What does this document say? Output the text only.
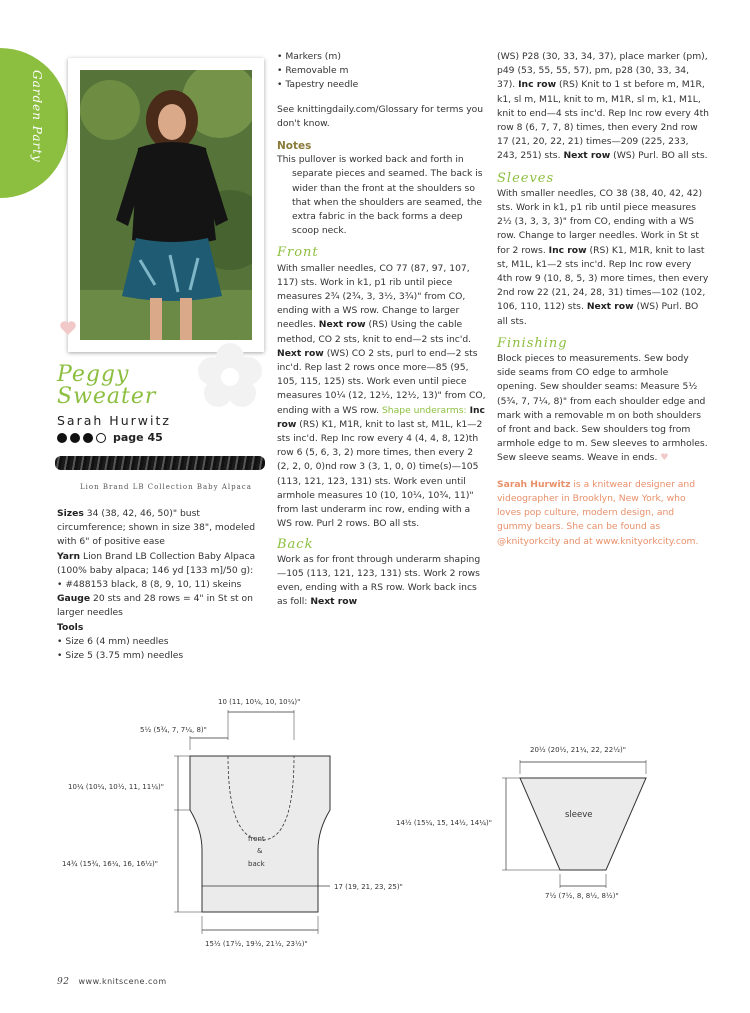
Garden Party
Peggy
Sweater
Sarah Hurwitz
page 45
Lion Brand LB Collection Baby Alpaca

Sizes 34 (38, 42, 46, 50)" bust circumference; shown in size 38", modeled with 6" of positive ease

Yarn Lion Brand LB Collection Baby Alpaca (100% baby alpaca; 146 yd [133 m]/50 g):

• #488153 black, 8 (8, 9, 10, 11) skeins

Gauge 20 sts and 28 rows = 4" in St st on larger needles

Tools

• Size 6 (4 mm) needles

• Size 5 (3.75 mm) needles

• Markers (m)

• Removable m

• Tapestry needle

See knittingdaily.com/Glossary for terms you don't know.

Notes

This pullover is worked back and forth in separate pieces and seamed. The back is wider than the front at the shoulders so that when the shoulders are seamed, the extra fabric in the back forms a deep scoop neck.

Front

With smaller needles, CO 77 (87, 97, 107, 117) sts. Work in k1, p1 rib until piece measures 2¾ (2¾, 3, 3½, 3¾)" from CO, ending with a WS row. Change to larger needles. Next row (RS) Using the cable method, CO 2 sts, knit to end—2 sts inc'd. Next row (WS) CO 2 sts, purl to end—2 sts inc'd. Rep last 2 rows once more—85 (95, 105, 115, 125) sts. Work even until piece measures 10¼ (12, 12½, 12½, 13)" from CO, ending with a WS row. Shape underarms: Inc row (RS) K1, M1R, knit to last st, M1L, k1—2 sts inc'd. Rep Inc row every 4 (4, 4, 8, 12)th row 6 (5, 6, 3, 2) more times, then every 2 (2, 2, 0, 0)nd row 3 (3, 1, 0, 0) time(s)—105 (113, 121, 123, 131) sts. Work even until armhole measures 10 (10, 10¼, 10¾, 11)" from last underarm inc row, ending with a WS row. Purl 2 rows. BO all sts.

Back

Work as for front through underarm shaping—105 (113, 121, 123, 131) sts. Work 2 rows even, ending with a RS row. Work back incs as foll: Next row

(WS) P28 (30, 33, 34, 37), place marker (pm), p49 (53, 55, 55, 57), pm, p28 (30, 33, 34, 37). Inc row (RS) Knit to 1 st before m, M1R, k1, sl m, M1L, knit to m, M1R, sl m, k1, M1L, knit to end—4 sts inc'd. Rep Inc row every 4th row 8 (6, 7, 7, 8) times, then every 2nd row 17 (21, 20, 22, 21) times—209 (225, 233, 243, 251) sts. Next row (WS) Purl. BO all sts.

Sleeves

With smaller needles, CO 38 (38, 40, 42, 42) sts. Work in k1, p1 rib until piece measures 2½ (3, 3, 3, 3)" from CO, ending with a WS row. Change to larger needles. Work in St st for 2 rows. Inc row (RS) K1, M1R, knit to last st, M1L, k1—2 sts inc'd. Rep Inc row every 4th row 9 (10, 8, 5, 3) more times, then every 2nd row 22 (21, 24, 28, 31) times—102 (102, 106, 110, 112) sts. Next row (WS) Purl. BO all sts.

Finishing

Block pieces to measurements. Sew body side seams from CO edge to armhole opening. Sew shoulder seams: Measure 5½ (5¾, 7, 7¼, 8)" from each shoulder edge and mark with a removable m on both shoulders of front and back. Sew shoulders tog from armhole edge to m. Sew sleeves to armholes. Sew sleeve seams. Weave in ends. ♥

Sarah Hurwitz is a knitwear designer and videographer in Brooklyn, New York, who loves pop culture, modern design, and gummy bears. She can be found as @knityorkcity and at www.knityorkcity.com.

front
&
back
10 (11, 10¼, 10, 10¼)"
5½ (5¾, 7, 7¼, 8)"
10¼ (10¼, 10½, 11, 11¼)"
14¾ (15¾, 16¼, 16, 16½)"
17 (19, 21, 23, 25)"
15½ (17½, 19½, 21½, 23½)"
sleeve
20½ (20½, 21¼, 22, 22½)"
14½ (15¼, 15, 14½, 14¼)"
7½ (7½, 8, 8½, 8½)"
92 www.knitscene.com
